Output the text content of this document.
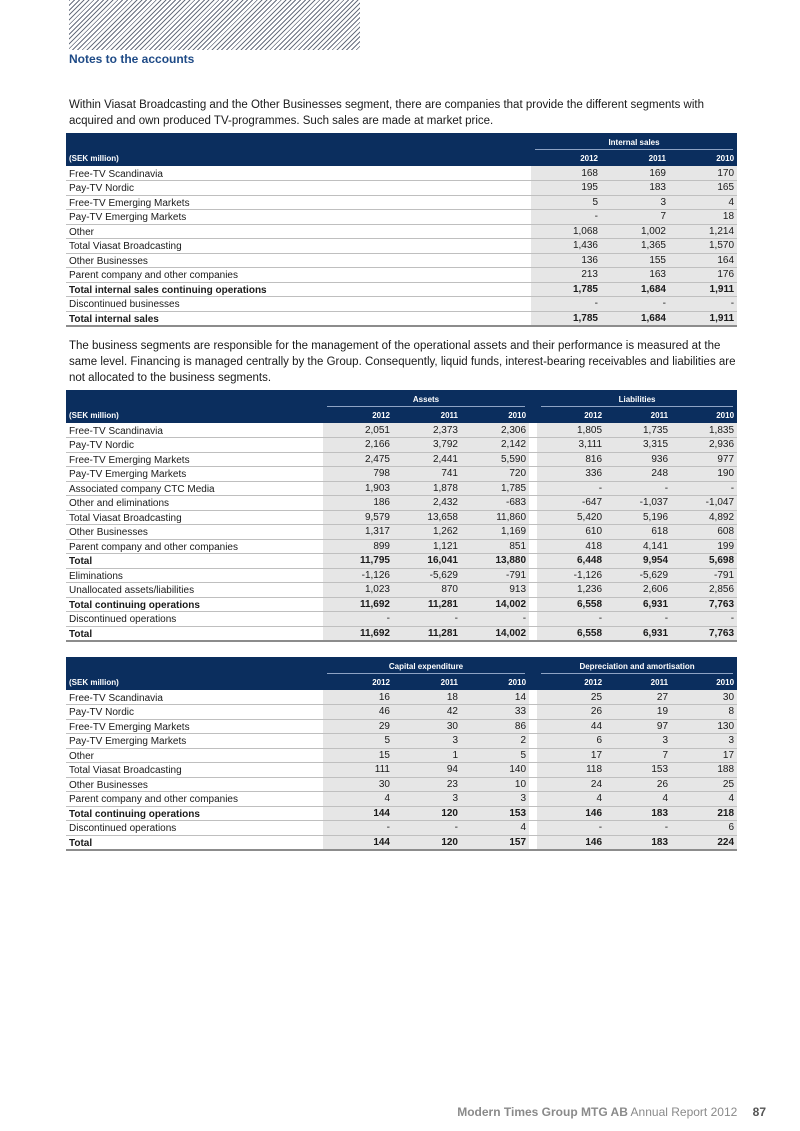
Notes to the accounts

Within Viasat Broadcasting and the Other Businesses segment, there are companies that provide the different segments with acquired and own produced TV-programmes. Such sales are made at market price.

	Internal sales		

(SEK million)	2012	2011	2010
Free-TV Scandinavia	168	169	170
Pay-TV Nordic	195	183	165
Free-TV Emerging Markets	5	3	4
Pay-TV Emerging Markets	-	7	18
Other	1,068	1,002	1,214
Total Viasat Broadcasting	1,436	1,365	1,570
Other Businesses	136	155	164
Parent company and other companies	213	163	176
Total internal sales continuing operations	1,785	1,684	1,911
Discontinued businesses	-	-	-
Total internal sales	1,785	1,684	1,911

The business segments are responsible for the management of the operational assets and their performance is measured at the same level. Financing is managed centrally by the Group. Consequently, liquid funds, interest-bearing receivables and liabilities are not allocated to the business segments.

	Assets				Liabilities		

(SEK million)	2012	2011	2010		2012	2011	2010
Free-TV Scandinavia	2,051	2,373	2,306		1,805	1,735	1,835
Pay-TV Nordic	2,166	3,792	2,142		3,111	3,315	2,936
Free-TV Emerging Markets	2,475	2,441	5,590		816	936	977
Pay-TV Emerging Markets	798	741	720		336	248	190
Associated company CTC Media	1,903	1,878	1,785		-	-	-
Other and eliminations	186	2,432	-683		-647	-1,037	-1,047
Total Viasat Broadcasting	9,579	13,658	11,860		5,420	5,196	4,892
Other Businesses	1,317	1,262	1,169		610	618	608
Parent company and other companies	899	1,121	851		418	4,141	199
Total	11,795	16,041	13,880		6,448	9,954	5,698
Eliminations	-1,126	-5,629	-791		-1,126	-5,629	-791
Unallocated assets/liabilities	1,023	870	913		1,236	2,606	2,856
Total continuing operations	11,692	11,281	14,002		6,558	6,931	7,763
Discontinued operations	-	-	-		-	-	-
Total	11,692	11,281	14,002		6,558	6,931	7,763

	Capital expenditure				Depreciation and amortisation		

(SEK million)	2012	2011	2010		2012	2011	2010
Free-TV Scandinavia	16	18	14		25	27	30
Pay-TV Nordic	46	42	33		26	19	8
Free-TV Emerging Markets	29	30	86		44	97	130
Pay-TV Emerging Markets	5	3	2		6	3	3
Other	15	1	5		17	7	17
Total Viasat Broadcasting	111	94	140		118	153	188
Other Businesses	30	23	10		24	26	25
Parent company and other companies	4	3	3		4	4	4
Total continuing operations	144	120	153		146	183	218
Discontinued operations	-	-	4		-	-	6
Total	144	120	157		146	183	224
Modern Times Group MTG AB Annual Report 2012 87
